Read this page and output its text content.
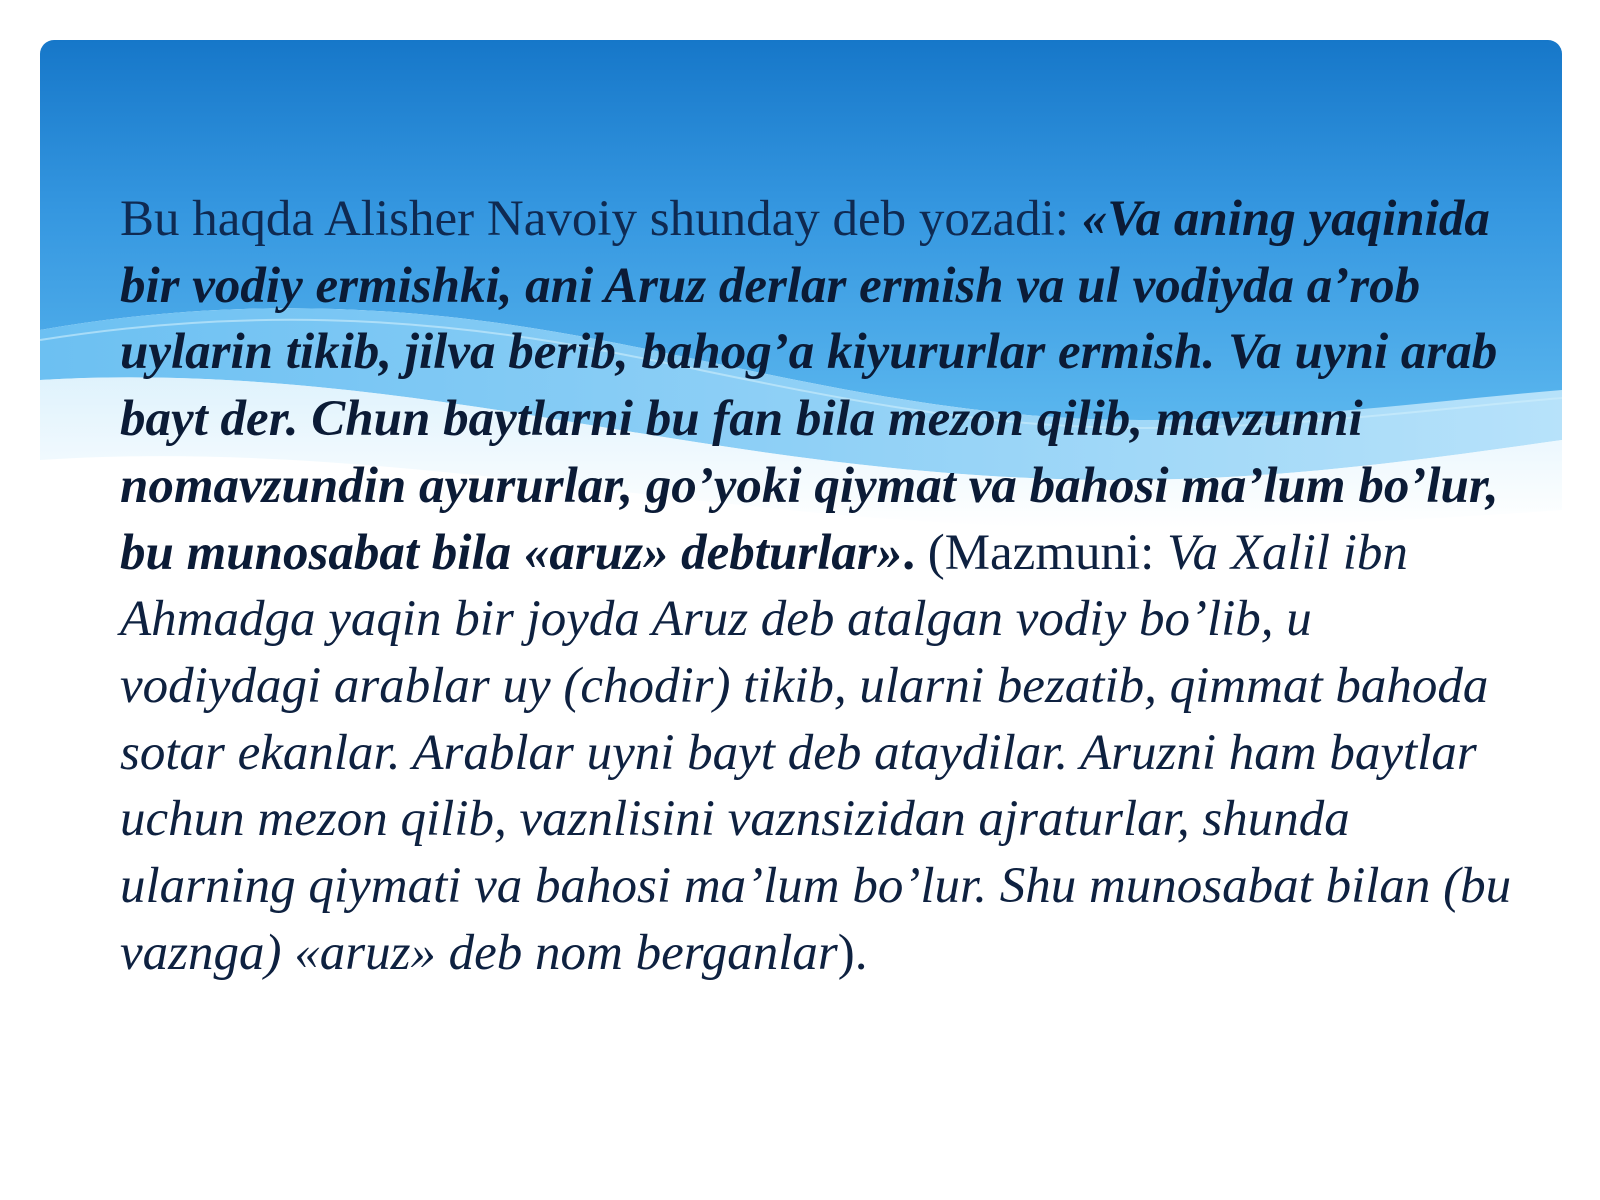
Bu haqda Alisher Navoiy shunday deb yozadi: «Va aning yaqinida bir vodiy ermishki, ani Aruz derlar ermish va ul vodiyda a’rob uylarin tikib, jilva berib, bahog’a kiyururlar ermish. Va uyni arab bayt der. Chun baytlarni bu fan bila mezon qilib, mavzunni nomavzundin ayururlar, go’yoki qiymat va bahosi ma’lum bo’lur, bu munosabat bila «aruz» debturlar». (Mazmuni: Va Xalil ibn Ahmadga yaqin bir joyda Aruz deb atalgan vodiy bo’lib, u vodiydagi arablar uy (chodir) tikib, ularni bezatib, qimmat bahoda sotar ekanlar. Arablar uyni bayt deb ataydilar. Aruzni ham baytlar uchun mezon qilib, vaznlisini vaznsizidan ajraturlar, shunda ularning qiymati va bahosi ma’lum bo’lur. Shu munosabat bilan (bu vaznga) «aruz» deb nom berganlar).
